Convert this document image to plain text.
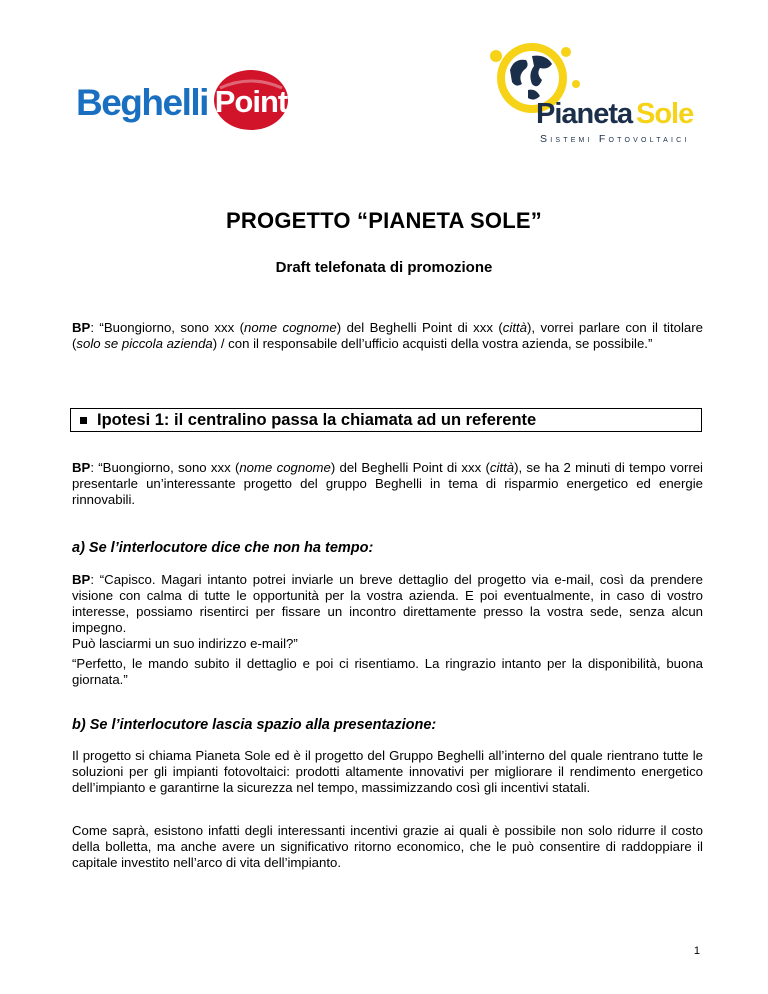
Beghelli Point	Pianeta Sole
Sistemi Fotovoltaici
PROGETTO “PIANETA SOLE”
Draft telefonata di promozione
BP: “Buongiorno, sono xxx (nome cognome) del Beghelli Point di xxx (città), vorrei parlare con il titolare (solo se piccola azienda) / con il responsabile dell’ufficio acquisti della vostra azienda, se possibile.”
Ipotesi 1: il centralino passa la chiamata ad un referente
BP: “Buongiorno, sono xxx (nome cognome) del Beghelli Point di xxx (città), se ha 2 minuti di tempo vorrei presentarle un’interessante progetto del gruppo Beghelli in tema di risparmio energetico ed energie rinnovabili.
a) Se l’interlocutore dice che non ha tempo:
BP: “Capisco. Magari intanto potrei inviarle un breve dettaglio del progetto via e-mail, così da prendere visione con calma di tutte le opportunità per la vostra azienda. E poi eventualmente, in caso di vostro interesse, possiamo risentirci per fissare un incontro direttamente presso la vostra sede, senza alcun impegno.
Può lasciarmi un suo indirizzo e-mail?”
“Perfetto, le mando subito il dettaglio e poi ci risentiamo. La ringrazio intanto per la disponibilità, buona giornata.”
b) Se l’interlocutore lascia spazio alla presentazione:
Il progetto si chiama Pianeta Sole ed è il progetto del Gruppo Beghelli all’interno del quale rientrano tutte le soluzioni per gli impianti fotovoltaici: prodotti altamente innovativi per migliorare il rendimento energetico dell’impianto e garantirne la sicurezza nel tempo, massimizzando così gli incentivi statali.
Come saprà, esistono infatti degli interessanti incentivi grazie ai quali è possibile non solo ridurre il costo della bolletta, ma anche avere un significativo ritorno economico, che le può consentire di raddoppiare il capitale investito nell’arco di vita dell’impianto.
1
